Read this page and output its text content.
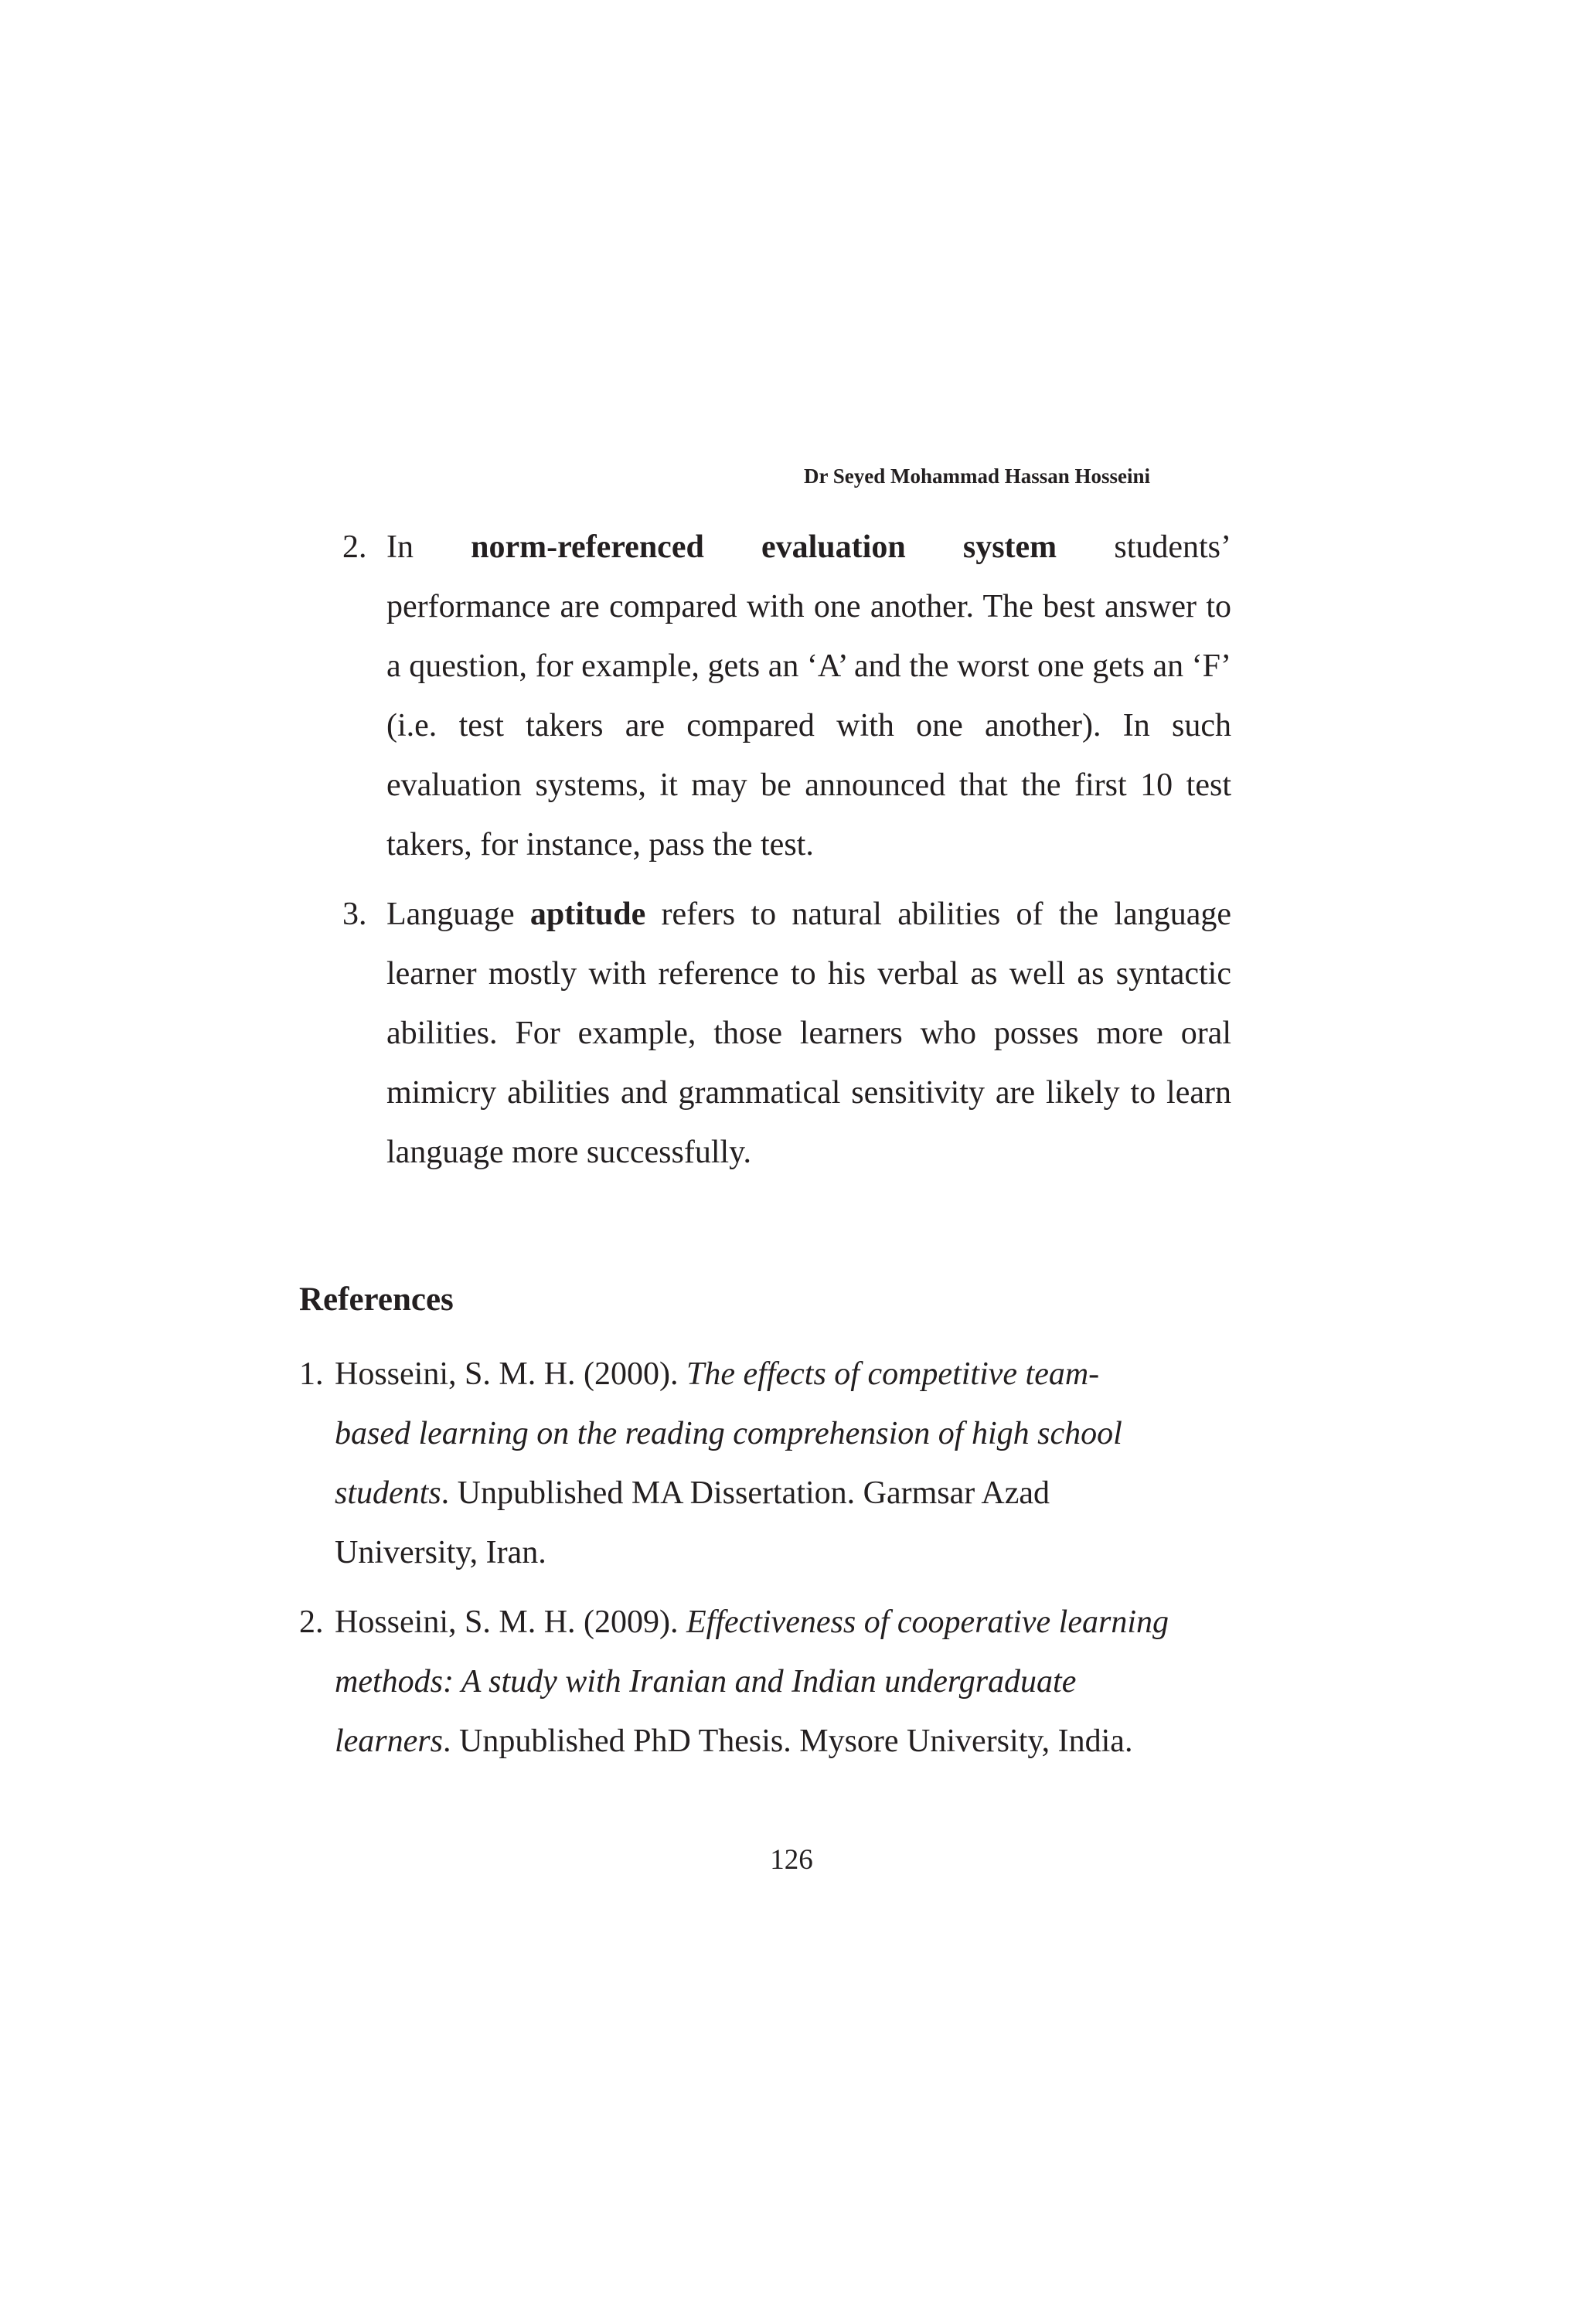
Dr Seyed Mohammad Hassan Hosseini
2. In norm-referenced evaluation system students’
performance are compared with one another. The best answer to a question, for example, gets an ‘A’ and the worst one gets an ‘F’ (i.e. test takers are compared with one another). In such evaluation systems, it may be announced that the first 10 test takers, for instance, pass the test.
3. Language aptitude refers to natural abilities of the language learner mostly with reference to his verbal as well as syntactic abilities. For example, those learners who posses more oral mimicry abilities and grammatical sensitivity are likely to learn language more successfully.
References
1. Hosseini, S. M. H. (2000). The effects of competitive team-
based learning on the reading comprehension of high school
students. Unpublished MA Dissertation. Garmsar Azad
University, Iran.
2. Hosseini, S. M. H. (2009). Effectiveness of cooperative learning
methods: A study with Iranian and Indian undergraduate
learners. Unpublished PhD Thesis. Mysore University, India.
126
